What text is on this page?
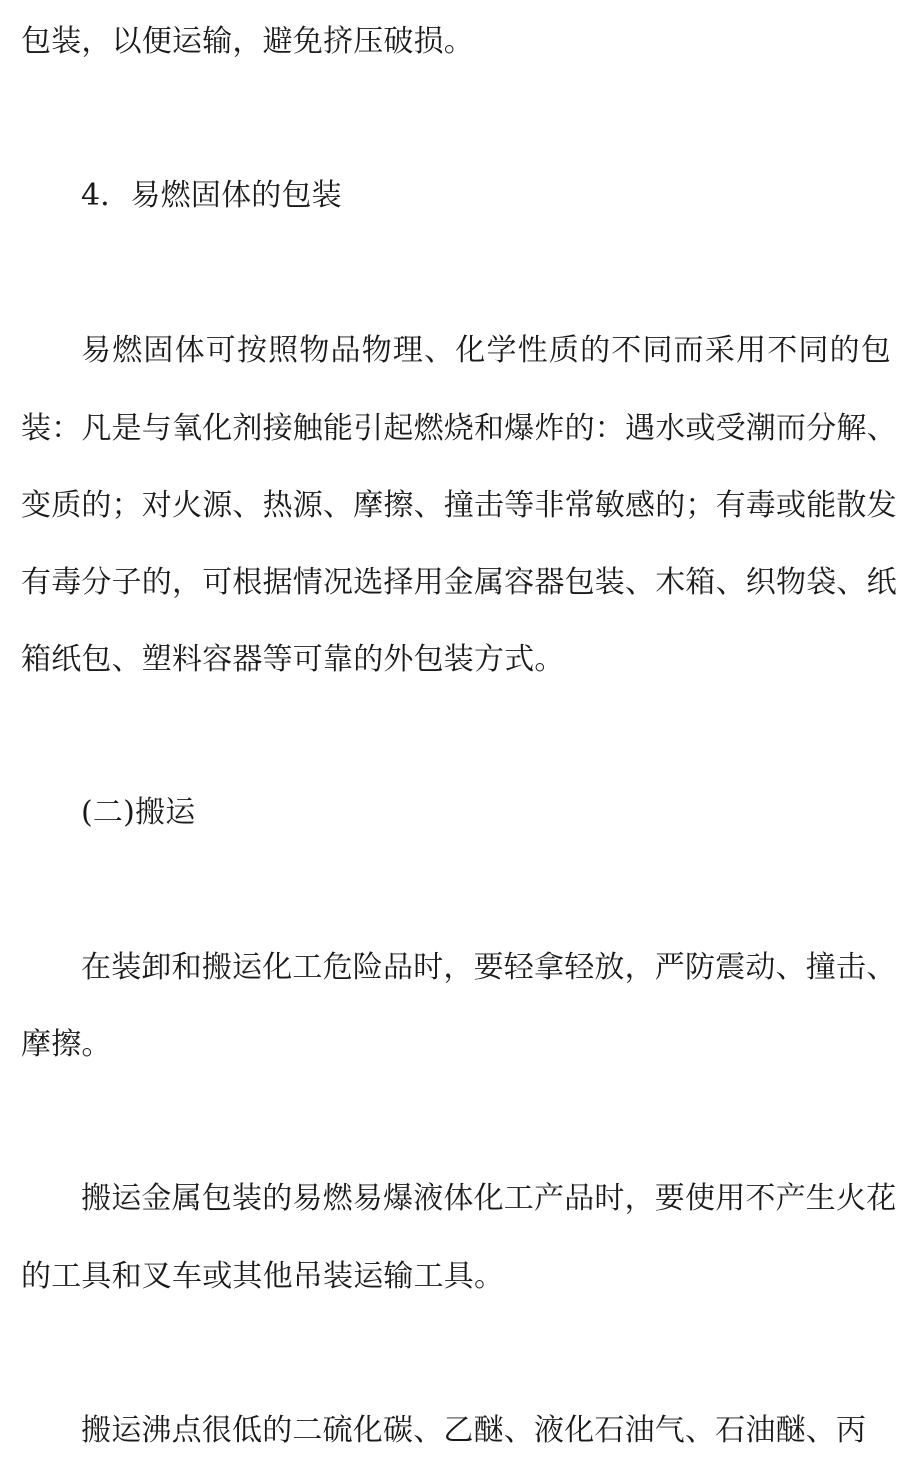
包装，以便运输，避免挤压破损。
4．易燃固体的包装
易燃固体可按照物品物理、化学性质的不同而采用不同的包
装：凡是与氧化剂接触能引起燃烧和爆炸的：遇水或受潮而分解、
变质的；对火源、热源、摩擦、撞击等非常敏感的；有毒或能散发
有毒分子的，可根据情况选择用金属容器包装、木箱、织物袋、纸
箱纸包、塑料容器等可靠的外包装方式。
(二)搬运
在装卸和搬运化工危险品时，要轻拿轻放，严防震动、撞击、
摩擦。
搬运金属包装的易燃易爆液体化工产品时，要使用不产生火花
的工具和叉车或其他吊装运输工具。
搬运沸点很低的二硫化碳、乙醚、液化石油气、石油醚、丙
